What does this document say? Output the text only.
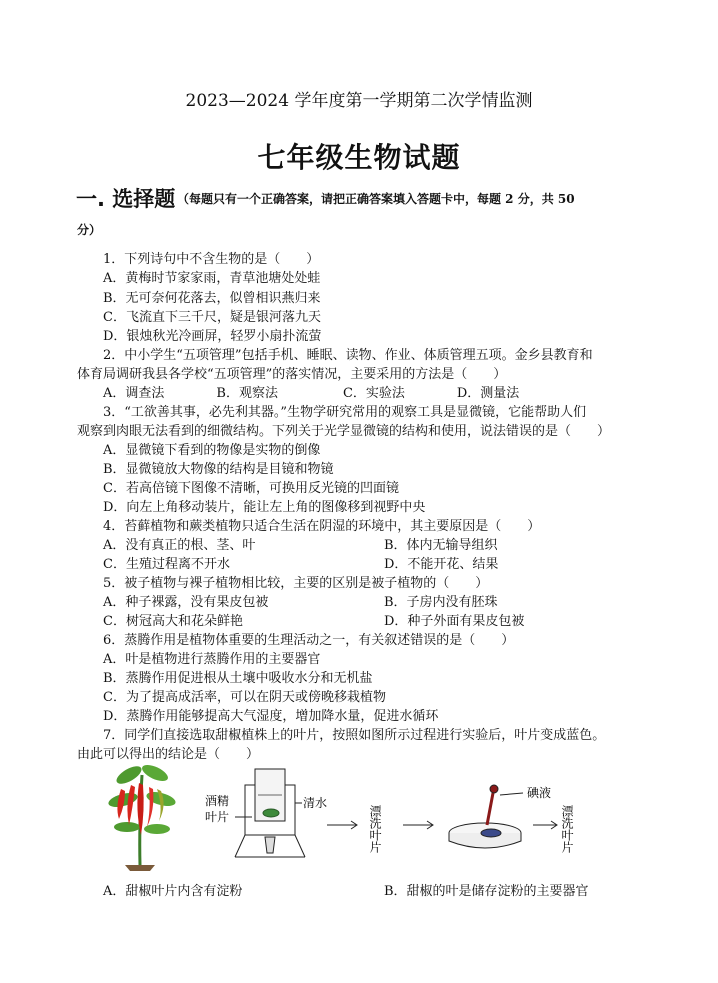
2023—2024 学年度第一学期第二次学情监测
七年级生物试题
一. 选择题 （每题只有一个正确答案，请把正确答案填入答题卡中，每题 2 分，共 50
分）
1．下列诗句中不含生物的是（　　）
A．黄梅时节家家雨，青草池塘处处蛙
B．无可奈何花落去，似曾相识燕归来
C．飞流直下三千尺，疑是银河落九天
D．银烛秋光冷画屏，轻罗小扇扑流萤
2．中小学生“五项管理”包括手机、睡眠、读物、作业、体质管理五项。金乡县教育和
体育局调研我县各学校“五项管理”的落实情况，主要采用的方法是（　　）
A．调查法　　　　B．观察法　　　　　C．实验法　　　　D．测量法
3．“工欲善其事，必先利其器。”生物学研究常用的观察工具是显微镜，它能帮助人们
观察到肉眼无法看到的细微结构。下列关于光学显微镜的结构和使用，说法错误的是（　　）
A．显微镜下看到的物像是实物的倒像
B．显微镜放大物像的结构是目镜和物镜
C．若高倍镜下图像不清晰，可换用反光镜的凹面镜
D．向左上角移动装片，能让左上角的图像移到视野中央
4．苔藓植物和蕨类植物只适合生活在阴湿的环境中，其主要原因是（　　）
A．没有真正的根、茎、叶	B．体内无输导组织
C．生殖过程离不开水	D．不能开花、结果
5．被子植物与裸子植物相比较，主要的区别是被子植物的（　　）
A．种子裸露，没有果皮包被	B．子房内没有胚珠
C．树冠高大和花朵鲜艳	D．种子外面有果皮包被
6．蒸腾作用是植物体重要的生理活动之一，有关叙述错误的是（　　）
A．叶是植物进行蒸腾作用的主要器官
B．蒸腾作用促进根从土壤中吸收水分和无机盐
C．为了提高成活率，可以在阴天或傍晚移栽植物
D．蒸腾作用能够提高大气湿度，增加降水量，促进水循环
7．同学们直接选取甜椒植株上的叶片，按照如图所示过程进行实验后，叶片变成蓝色。
由此可以得出的结论是（　　）
酒精
叶片
清水
漂洗叶片
碘液
漂洗叶片
A．甜椒叶片内含有淀粉	B．甜椒的叶是储存淀粉的主要器官
